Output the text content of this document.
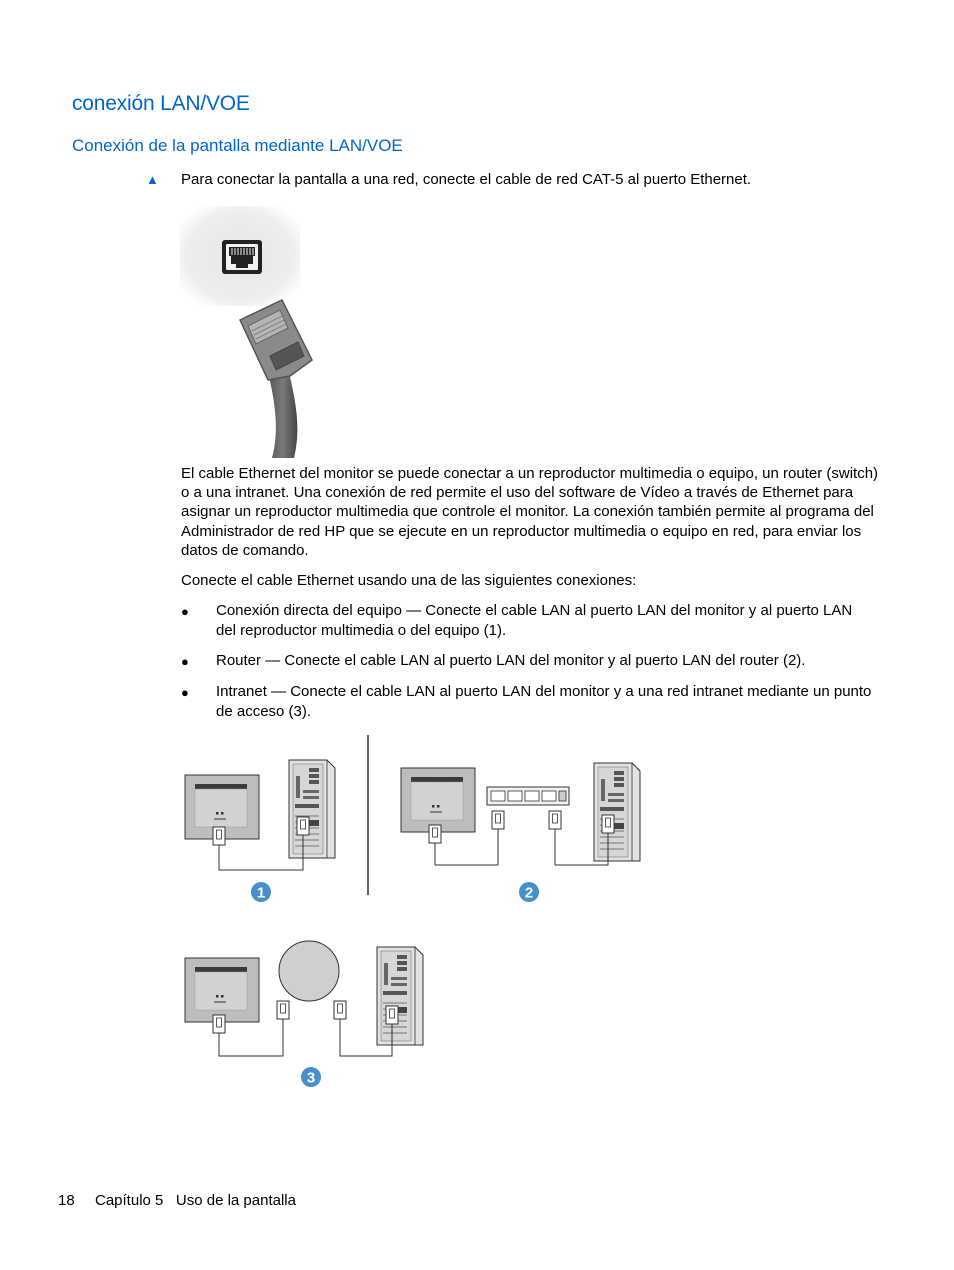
conexión LAN/VOE
Conexión de la pantalla mediante LAN/VOE
▲ Para conectar la pantalla a una red, conecte el cable de red CAT-5 al puerto Ethernet.
El cable Ethernet del monitor se puede conectar a un reproductor multimedia o equipo, un router (switch) o a una intranet. Una conexión de red permite el uso del software de Vídeo a través de Ethernet para asignar un reproductor multimedia que controle el monitor. La conexión también permite al programa del Administrador de red HP que se ejecute en un reproductor multimedia o equipo en red, para enviar los datos de comando.
Conecte el cable Ethernet usando una de las siguientes conexiones:
● Conexión directa del equipo — Conecte el cable LAN al puerto LAN del monitor y al puerto LAN del reproductor multimedia o del equipo (1).
● Router — Conecte el cable LAN al puerto LAN del monitor y al puerto LAN del router (2).
● Intranet — Conecte el cable LAN al puerto LAN del monitor y a una red intranet mediante un punto de acceso (3).
LAN
LAN
LAN
1	2
3
18 Capítulo 5   Uso de la pantalla
